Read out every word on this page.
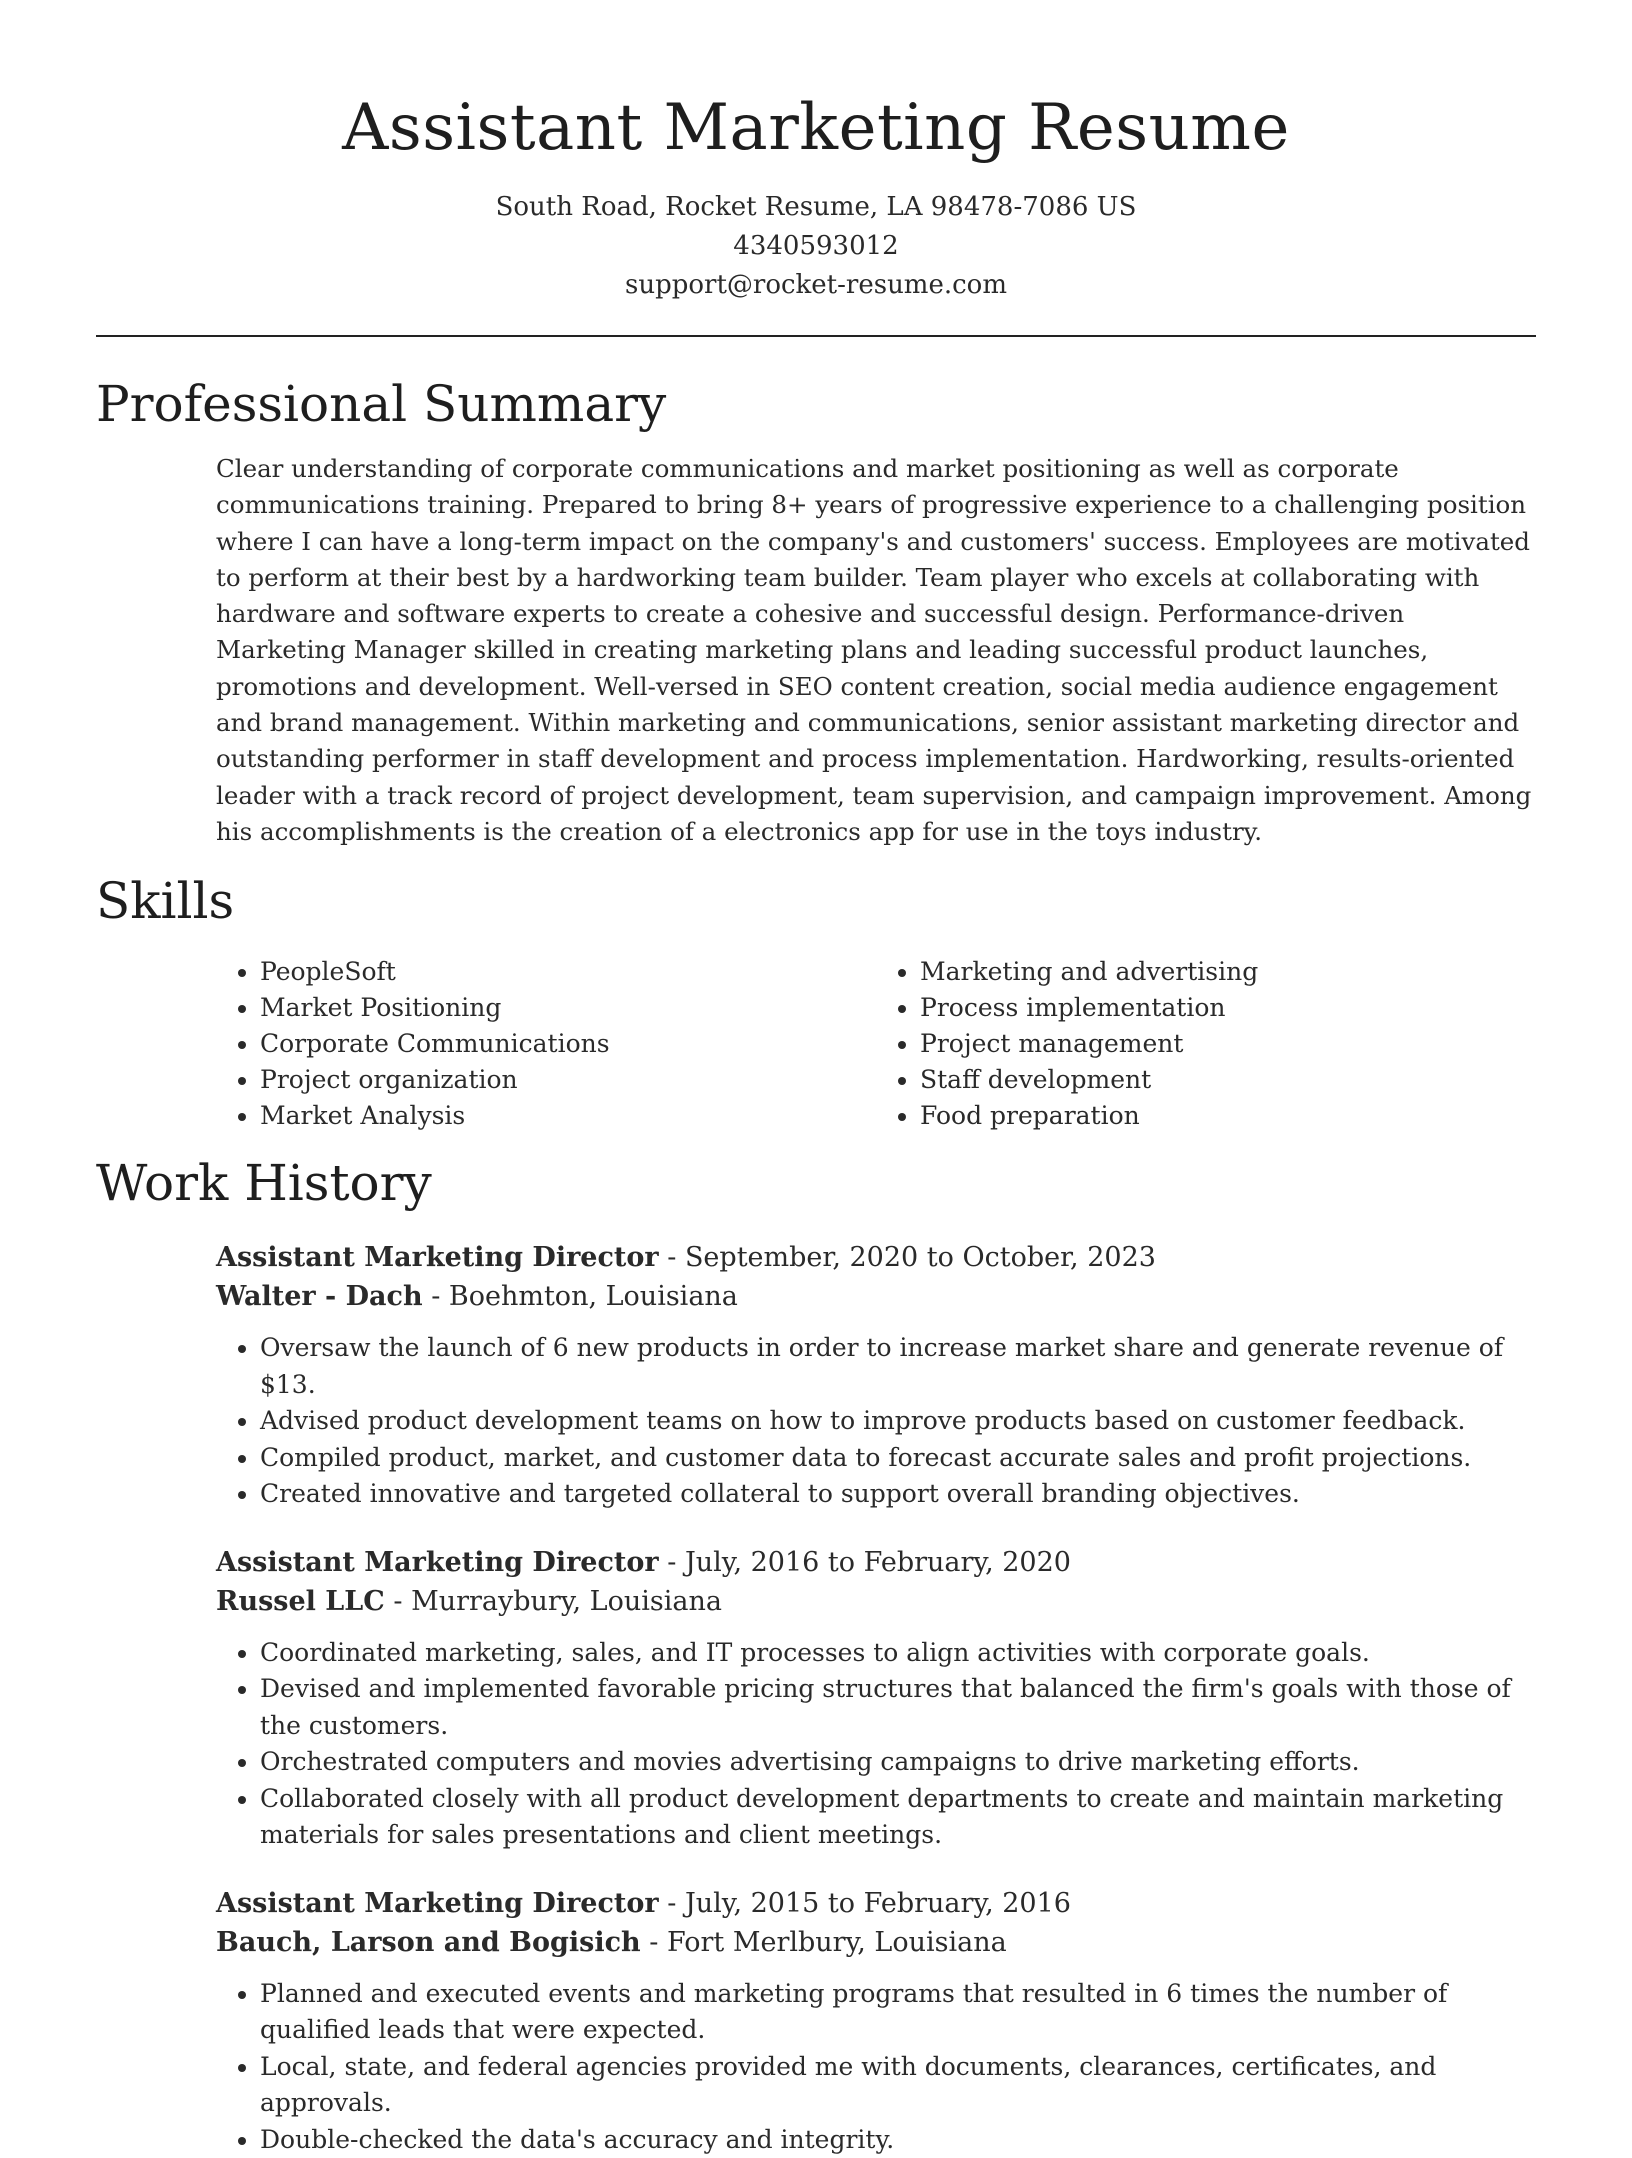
Assistant Marketing Resume
South Road, Rocket Resume, LA 98478-7086 US
4340593012
support@rocket-resume.com
Professional Summary

Clear understanding of corporate communications and market positioning as well as corporate communications training. Prepared to bring 8+ years of progressive experience to a challenging position where I can have a long-term impact on the company's and customers' success. Employees are motivated to perform at their best by a hardworking team builder. Team player who excels at collaborating with hardware and software experts to create a cohesive and successful design. Performance-driven Marketing Manager skilled in creating marketing plans and leading successful product launches, promotions and development. Well-versed in SEO content creation, social media audience engagement and brand management. Within marketing and communications, senior assistant marketing director and outstanding performer in staff development and process implementation. Hardworking, results-oriented leader with a track record of project development, team supervision, and campaign improvement. Among his accomplishments is the creation of a electronics app for use in the toys industry.

Skills
• PeopleSoft
• Market Positioning
• Corporate Communications
• Project organization
• Market Analysis
• Marketing and advertising
• Process implementation
• Project management
• Staff development
• Food preparation
Work History
Assistant Marketing Director - September, 2020 to October, 2023
Walter - Dach - Boehmton, Louisiana
• Oversaw the launch of 6 new products in order to increase market share and generate revenue of $13.
• Advised product development teams on how to improve products based on customer feedback.
• Compiled product, market, and customer data to forecast accurate sales and profit projections.
• Created innovative and targeted collateral to support overall branding objectives.
Assistant Marketing Director - July, 2016 to February, 2020
Russel LLC - Murraybury, Louisiana
• Coordinated marketing, sales, and IT processes to align activities with corporate goals.
• Devised and implemented favorable pricing structures that balanced the firm's goals with those of the customers.
• Orchestrated computers and movies advertising campaigns to drive marketing efforts.
• Collaborated closely with all product development departments to create and maintain marketing materials for sales presentations and client meetings.
Assistant Marketing Director - July, 2015 to February, 2016
Bauch, Larson and Bogisich - Fort Merlbury, Louisiana
• Planned and executed events and marketing programs that resulted in 6 times the number of qualified leads that were expected.
• Local, state, and federal agencies provided me with documents, clearances, certificates, and approvals.
• Double-checked the data's accuracy and integrity.
